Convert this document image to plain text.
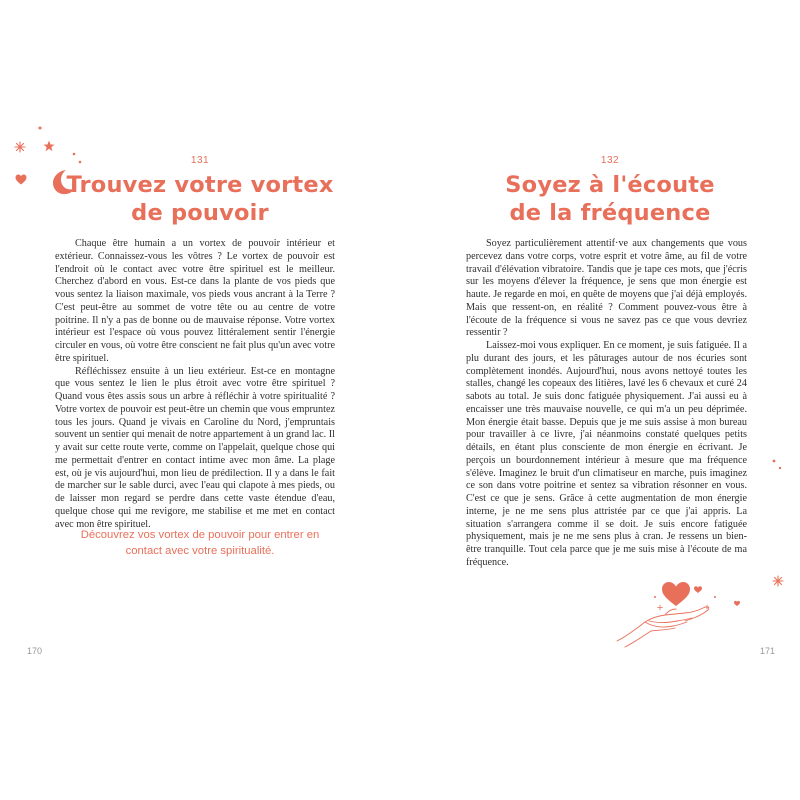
131
Trouvez votre vortex
de pouvoir

Chaque être humain a un vortex de pouvoir intérieur et extérieur. Connaissez-vous les vôtres ? Le vortex de pouvoir est l'endroit où le contact avec votre être spirituel est le meilleur. Cherchez d'abord en vous. Est-ce dans la plante de vos pieds que vous sentez la liaison maximale, vos pieds vous ancrant à la Terre ? C'est peut-être au sommet de votre tête ou au centre de votre poitrine. Il n'y a pas de bonne ou de mauvaise réponse. Votre vortex intérieur est l'espace où vous pouvez littéralement sentir l'énergie circuler en vous, où votre être conscient ne fait plus qu'un avec votre être spirituel.

Réfléchissez ensuite à un lieu extérieur. Est-ce en montagne que vous sentez le lien le plus étroit avec votre être spirituel ? Quand vous êtes assis sous un arbre à réfléchir à votre spiritualité ? Votre vortex de pouvoir est peut-être un chemin que vous empruntez tous les jours. Quand je vivais en Caroline du Nord, j'empruntais souvent un sentier qui menait de notre appartement à un grand lac. Il y avait sur cette route verte, comme on l'appelait, quelque chose qui me permettait d'entrer en contact intime avec mon âme. La plage est, où je vis aujourd'hui, mon lieu de prédilection. Il y a dans le fait de marcher sur le sable durci, avec l'eau qui clapote à mes pieds, ou de laisser mon regard se perdre dans cette vaste étendue d'eau, quelque chose qui me revigore, me stabilise et me met en contact avec mon être spirituel.

Découvrez vos vortex de pouvoir pour entrer en
contact avec votre spiritualité.
170
132
Soyez à l'écoute
de la fréquence

Soyez particulièrement attentif·ve aux changements que vous percevez dans votre corps, votre esprit et votre âme, au fil de votre travail d'élévation vibratoire. Tandis que je tape ces mots, que j'écris sur les moyens d'élever la fréquence, je sens que mon énergie est haute. Je regarde en moi, en quête de moyens que j'ai déjà employés. Mais que ressent-on, en réalité ? Comment pouvez-vous être à l'écoute de la fréquence si vous ne savez pas ce que vous devriez ressentir ?

Laissez-moi vous expliquer. En ce moment, je suis fatiguée. Il a plu durant des jours, et les pâturages autour de nos écuries sont complètement inondés. Aujourd'hui, nous avons nettoyé toutes les stalles, changé les copeaux des litières, lavé les 6 chevaux et curé 24 sabots au total. Je suis donc fatiguée physiquement. J'ai aussi eu à encaisser une très mauvaise nouvelle, ce qui m'a un peu déprimée. Mon énergie était basse. Depuis que je me suis assise à mon bureau pour travailler à ce livre, j'ai néanmoins constaté quelques petits détails, en étant plus consciente de mon énergie en écrivant. Je perçois un bourdonnement intérieur à mesure que ma fréquence s'élève. Imaginez le bruit d'un climatiseur en marche, puis imaginez ce son dans votre poitrine et sentez sa vibration résonner en vous. C'est ce que je sens. Grâce à cette augmentation de mon énergie interne, je ne me sens plus attristée par ce que j'ai appris. La situation s'arrangera comme il se doit. Je suis encore fatiguée physiquement, mais je ne me sens plus à cran. Je ressens un bien-être tranquille. Tout cela parce que je me suis mise à l'écoute de ma fréquence.

171
